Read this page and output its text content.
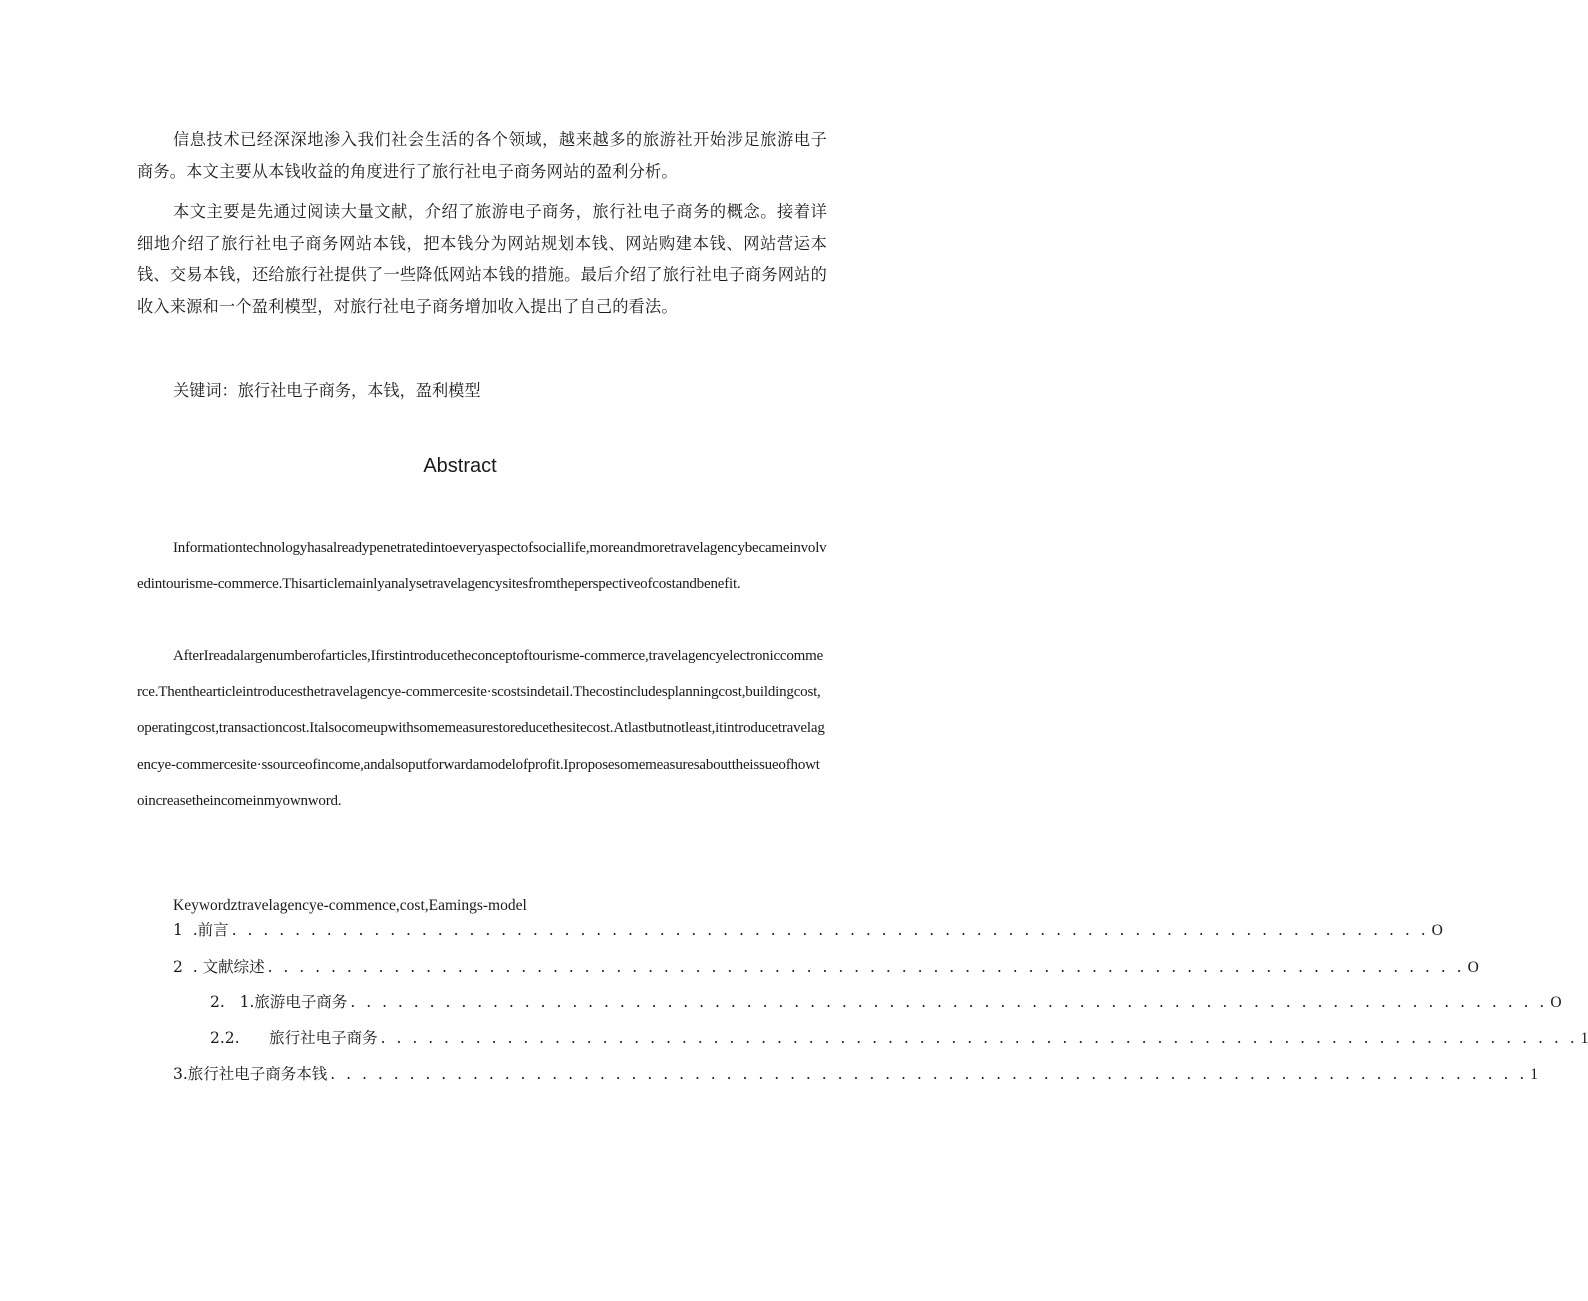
信息技术已经深深地渗入我们社会生活的各个领域，越来越多的旅游社开始涉足旅游电子商务。本文主要从本钱收益的角度进行了旅行社电子商务网站的盈利分析。

本文主要是先通过阅读大量文献，介绍了旅游电子商务，旅行社电子商务的概念。接着详细地介绍了旅行社电子商务网站本钱，把本钱分为网站规划本钱、网站购建本钱、网站营运本钱、交易本钱，还给旅行社提供了一些降低网站本钱的措施。最后介绍了旅行社电子商务网站的收入来源和一个盈利模型，对旅行社电子商务增加收入提出了自己的看法。

关键词：旅行社电子商务，本钱，盈利模型

Abstract

Informationtechnologyhasalreadypenetratedintoeveryaspectofsociallife,moreandmoretravelagencybecameinvolvedintourisme-commerce.Thisarticlemainlyanalysetravelagencysitesfromtheperspectiveofcostandbenefit.

AfterIreadalargenumberofarticles,Ifirstintroducetheconceptoftourisme-commerce,travelagencyelectroniccommerce.Thenthearticleintroducesthetravelagencye-commercesite·scostsindetail.Thecostincludesplanningcost,buildingcost,operatingcost,transactioncost.Italsocomeupwithsomemeasurestoreducethesitecost.Atlastbutnotleast,itintroducetravelagencye-commercesite·ssourceofincome,andalsoputforwardamodelofprofit.Iproposesomemeasuresabouttheissueofhowtoincreasetheincomeinmyownword.

Keywordztravelagencye-commence,cost,Eamings-model

1  .前言 . . . . . . . . . . . . . . . . . . . . . . . . . . . . . . . . . . . . . . . . . . . . . . . . . . . . . . . . . . . . . . . . . . . . . . . . . . . . O
2  . 文献综述 . . . . . . . . . . . . . . . . . . . . . . . . . . . . . . . . . . . . . . . . . . . . . . . . . . . . . . . . . . . . . . . . . . . . . . . . . . . . O
2.   1.旅游电子商务 . . . . . . . . . . . . . . . . . . . . . . . . . . . . . . . . . . . . . . . . . . . . . . . . . . . . . . . . . . . . . . . . . . . . . . . . . . . . O
2.2.      旅行社电子商务 . . . . . . . . . . . . . . . . . . . . . . . . . . . . . . . . . . . . . . . . . . . . . . . . . . . . . . . . . . . . . . . . . . . . . . . . . . . . 1
3.旅行社电子商务本钱 . . . . . . . . . . . . . . . . . . . . . . . . . . . . . . . . . . . . . . . . . . . . . . . . . . . . . . . . . . . . . . . . . . . . . . . . . . . . 1
